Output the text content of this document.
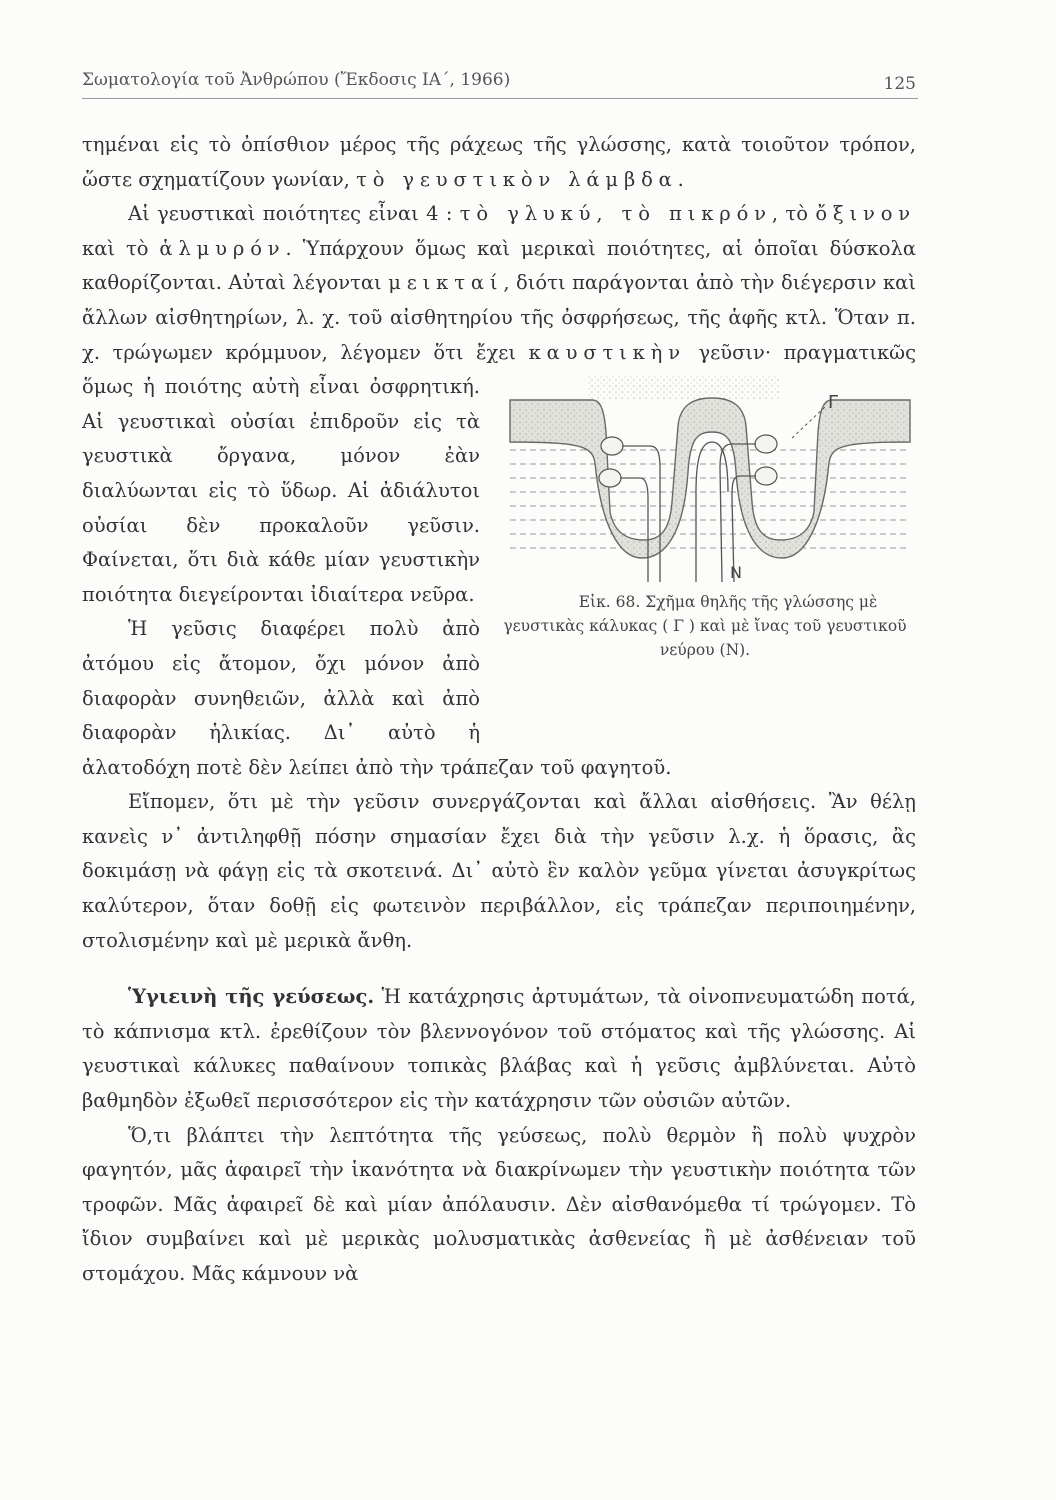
Σωματολογία τοῦ Ἀνθρώπου (Ἔκδοσις ΙΑ΄, 1966)	125

τημέναι εἰς τὸ ὀπίσθιον μέρος τῆς ράχεως τῆς γλώσσης, κατὰ τοιοῦτον τρόπον, ὥστε σχηματίζουν γωνίαν, τὸ γευστικὸν λάμβδα.

Αἱ γευστικαὶ ποιότητες εἶναι 4 : τὸ γλυκύ, τὸ πικρόν, τὸ ὄξινον καὶ τὸ ἁλμυρόν. Ὑπάρχουν ὅμως καὶ μερικαὶ ποιότητες, αἱ ὁποῖαι δύσκολα καθορίζονται. Αὐταὶ λέγονται μεικταί, διότι παράγονται ἀπὸ τὴν διέγερσιν καὶ ἄλλων αἰσθητηρίων, λ. χ. τοῦ αἰσθητηρίου τῆς ὀσφρήσεως, τῆς ἁφῆς κτλ. Ὅταν π. χ. τρώγωμεν κρόμμυον, λέγομεν ὅτι ἔχει
Γ
N
Εἰκ. 68. Σχῆμα θηλῆς τῆς γλώσσης μὲ γευστικὰς κάλυκας ( Γ ) καὶ μὲ ἴνας τοῦ γευστικοῦ νεύρου (N).
καυστικὴν γεῦσιν· πραγματικῶς ὅμως ἡ ποιότης αὐτὴ εἶναι ὀσφρητική. Αἱ γευστικαὶ οὐσίαι ἐπιδροῦν εἰς τὰ γευστικὰ ὄργανα, μόνον ἐὰν διαλύωνται εἰς τὸ ὕδωρ. Αἱ ἀδιάλυτοι οὐσίαι δὲν προκαλοῦν γεῦσιν. Φαίνεται, ὅτι διὰ κάθε μίαν γευστικὴν ποιότητα διεγείρονται ἰδιαίτερα νεῦρα.

Ἡ γεῦσις διαφέρει πολὺ ἀπὸ ἀτόμου εἰς ἄτομον, ὄχι μόνον ἀπὸ διαφορὰν συνηθειῶν, ἀλλὰ καὶ ἀπὸ διαφορὰν ἡλικίας. Δι᾽ αὐτὸ ἡ ἀλατοδόχη ποτὲ δὲν λείπει ἀπὸ τὴν τράπεζαν τοῦ φαγητοῦ.

Εἴπομεν, ὅτι μὲ τὴν γεῦσιν συνεργάζονται καὶ ἄλλαι αἰσθήσεις. Ἂν θέλῃ κανεὶς ν᾽ ἀντιληφθῇ πόσην σημασίαν ἔχει διὰ τὴν γεῦσιν λ.χ. ἡ ὅρασις, ἂς δοκιμάσῃ νὰ φάγῃ εἰς τὰ σκοτεινά. Δι᾽ αὐτὸ ἓν καλὸν γεῦμα γίνεται ἀσυγκρίτως καλύτερον, ὅταν δοθῇ εἰς φωτεινὸν περιβάλλον, εἰς τράπεζαν περιποιημένην, στολισμένην καὶ μὲ μερικὰ ἄνθη.

Ὑγιεινὴ τῆς γεύσεως. Ἡ κατάχρησις ἀρτυμάτων, τὰ οἰνοπνευματώδη ποτά, τὸ κάπνισμα κτλ. ἐρεθίζουν τὸν βλεννογόνον τοῦ στόματος καὶ τῆς γλώσσης. Αἱ γευστικαὶ κάλυκες παθαίνουν τοπικὰς βλάβας καὶ ἡ γεῦσις ἀμβλύνεται. Αὐτὸ βαθμηδὸν ἐξωθεῖ περισσότερον εἰς τὴν κατάχρησιν τῶν οὐσιῶν αὐτῶν.

Ὅ,τι βλάπτει τὴν λεπτότητα τῆς γεύσεως, πολὺ θερμὸν ἢ πολὺ ψυχρὸν φαγητόν, μᾶς ἀφαιρεῖ τὴν ἱκανότητα νὰ διακρίνωμεν τὴν γευστικὴν ποιότητα τῶν τροφῶν. Μᾶς ἀφαιρεῖ δὲ καὶ μίαν ἀπόλαυσιν. Δὲν αἰσθανόμεθα τί τρώγομεν. Τὸ ἴδιον συμβαίνει καὶ μὲ μερικὰς μολυσματικὰς ἀσθενείας ἢ μὲ ἀσθένειαν τοῦ στομάχου. Μᾶς κάμνουν νὰ
